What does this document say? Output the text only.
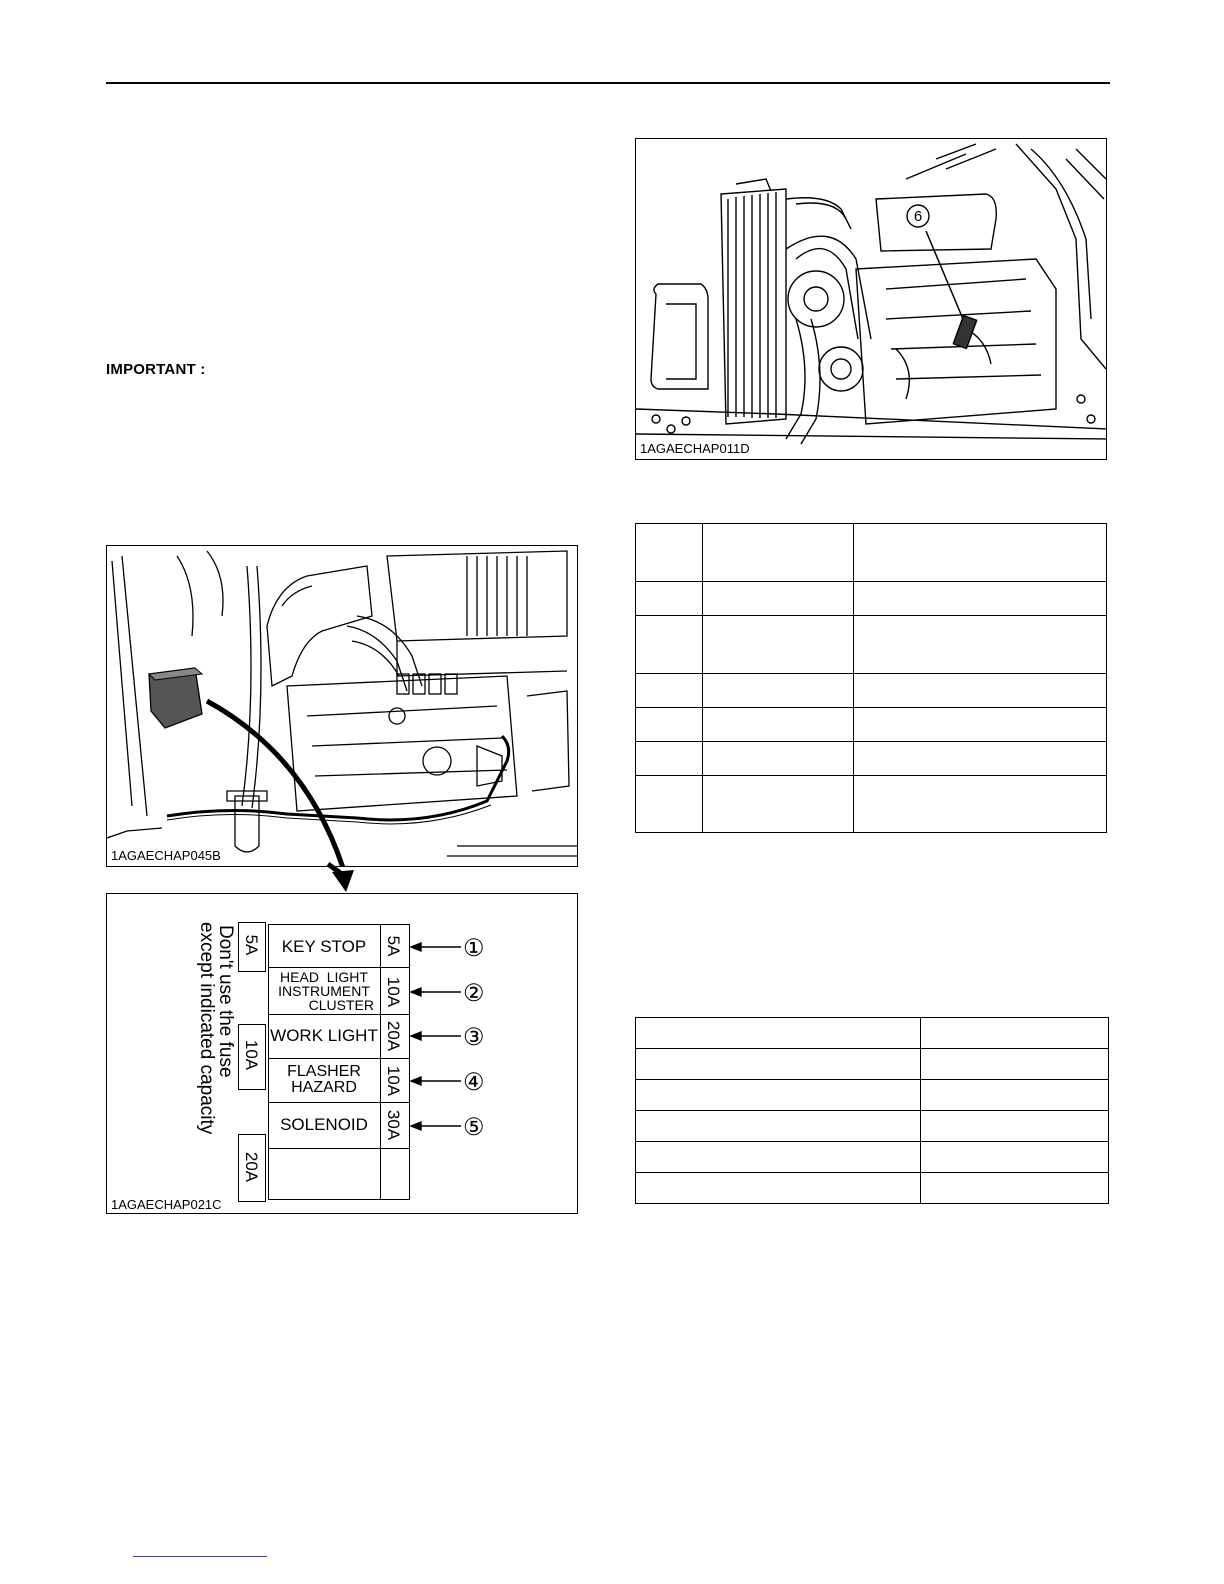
IMPORTANT :
6
1AGAECHAP011D

1AGAECHAP045B
Don't use the fuse
except indicated capacity 5A
10A
20A
KEY STOP
HEAD  LIGHT
INSTRUMENT
CLUSTER
WORK LIGHT
FLASHER
HAZARD
SOLENOID
5A
10A
20A
10A
30A
①
②
③
④
⑤
1AGAECHAP021C
